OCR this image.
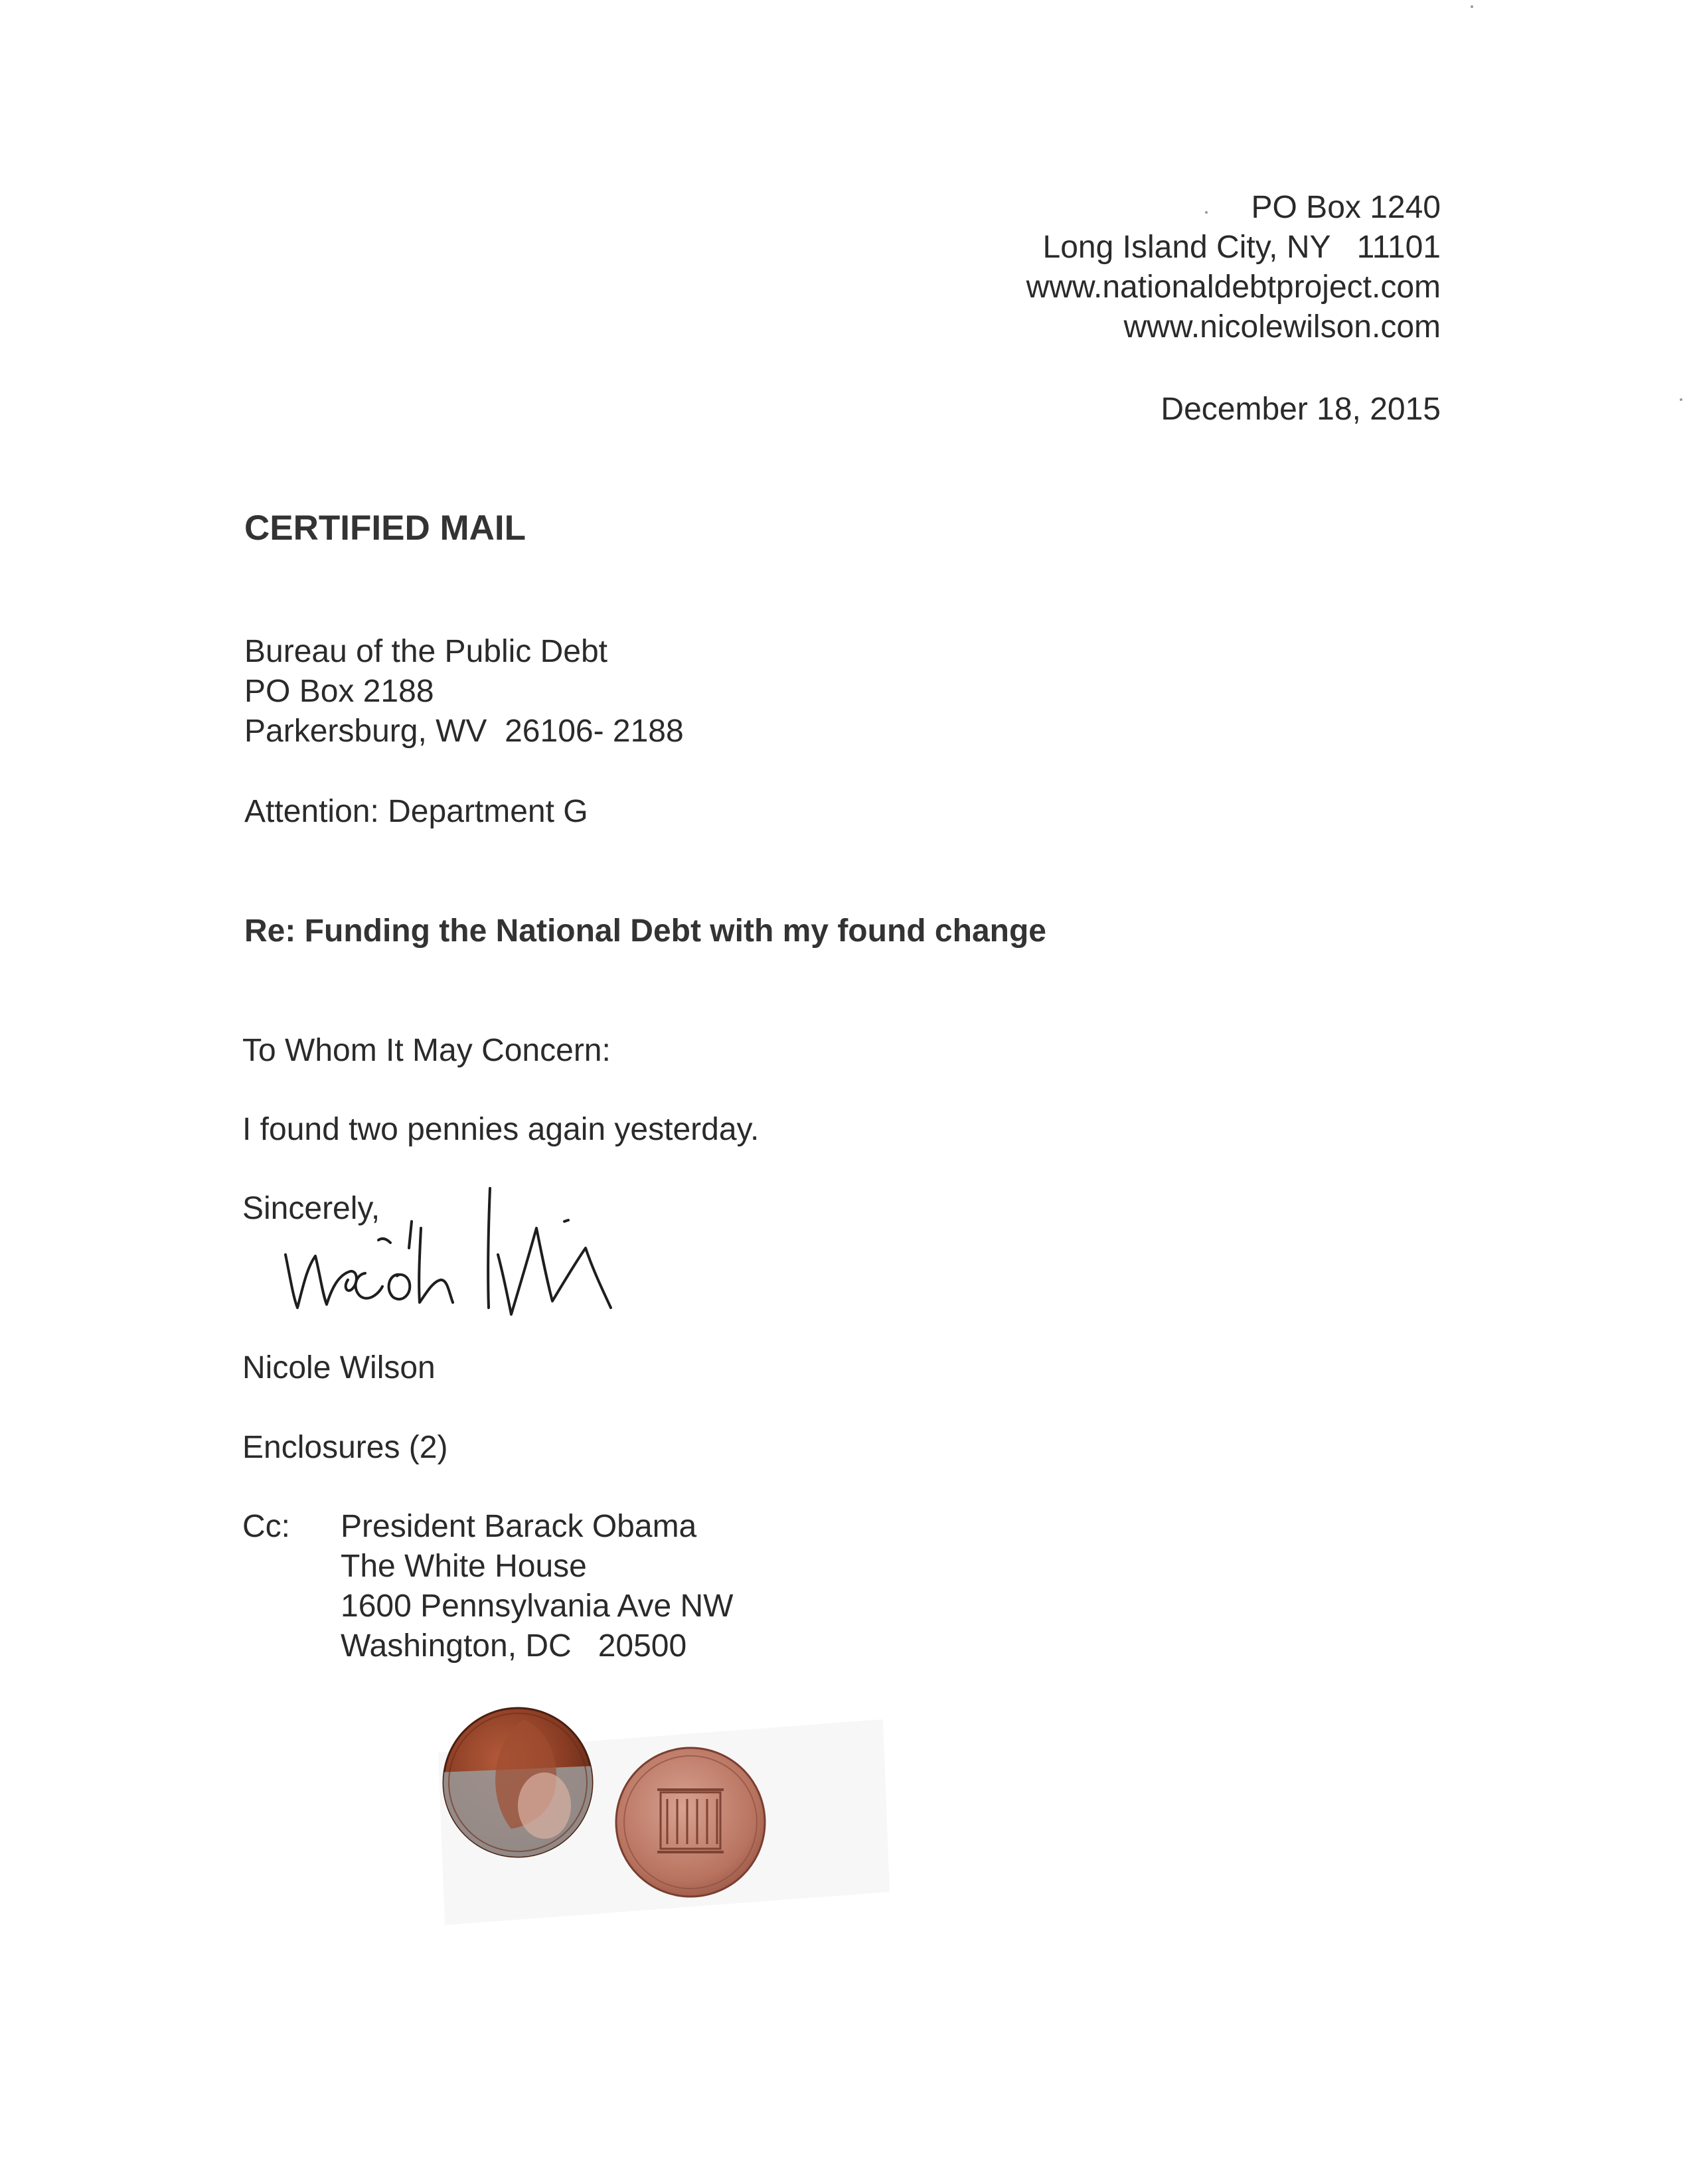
PO Box 1240
Long Island City, NY   11101
www.nationaldebtproject.com
www.nicolewilson.com
December 18, 2015
CERTIFIED MAIL
Bureau of the Public Debt
PO Box 2188
Parkersburg, WV  26106- 2188
Attention: Department G
Re: Funding the National Debt with my found change
To Whom It May Concern:
I found two pennies again yesterday.
Sincerely,
Nicole Wilson
Enclosures (2)
Cc: President Barack Obama
The White House
1600 Pennsylvania Ave NW
Washington, DC   20500
